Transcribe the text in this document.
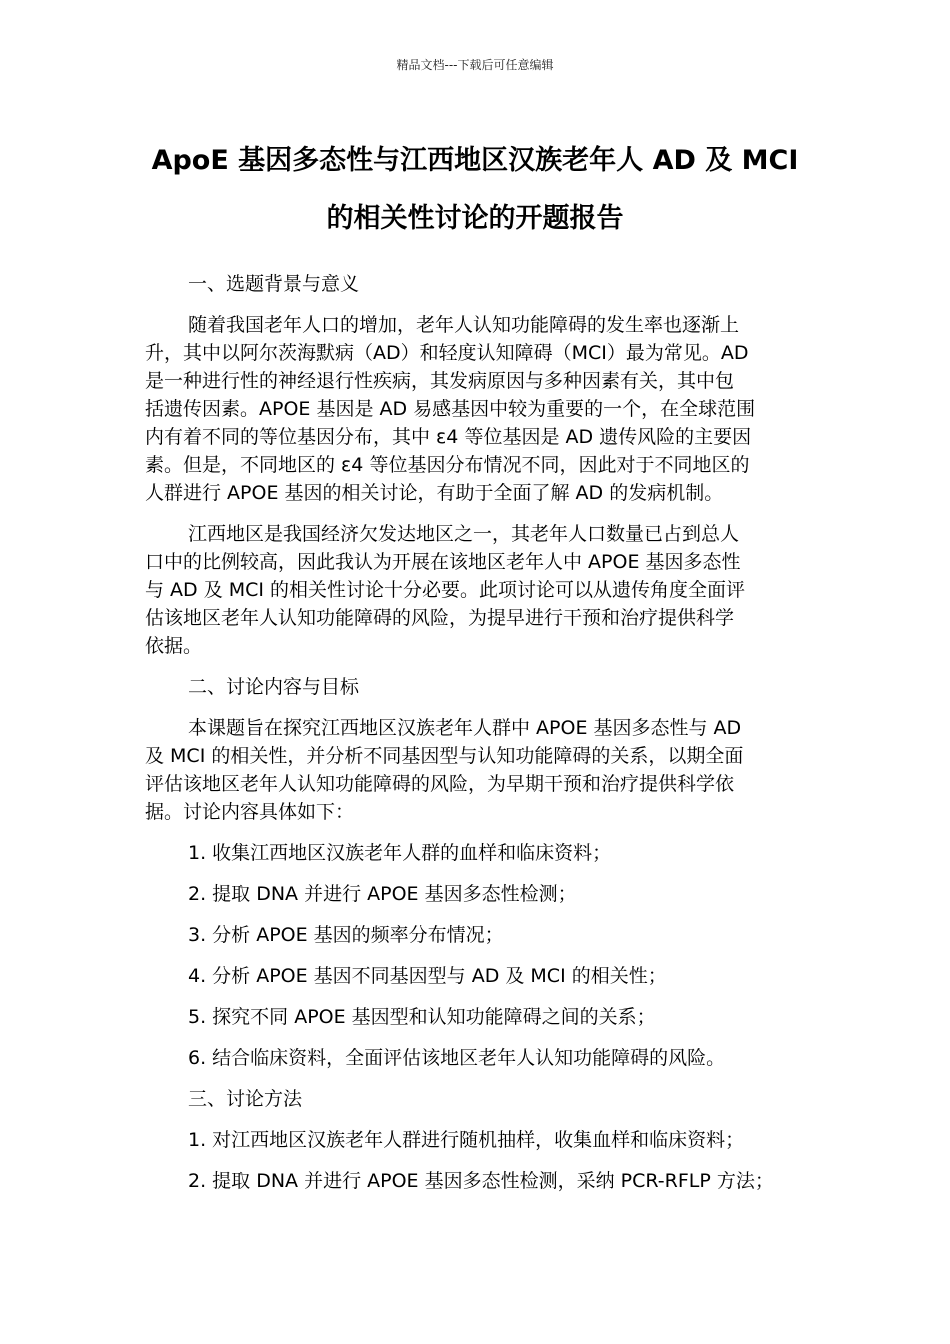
精品文档---下载后可任意编辑
ApoE 基因多态性与江西地区汉族老年人 AD 及 MCI
的相关性讨论的开题报告
一、选题背景与意义
随着我国老年人口的增加，老年人认知功能障碍的发生率也逐渐上
升，其中以阿尔茨海默病（AD）和轻度认知障碍（MCI）最为常见。AD
是一种进行性的神经退行性疾病，其发病原因与多种因素有关，其中包
括遗传因素。APOE 基因是 AD 易感基因中较为重要的一个，在全球范围
内有着不同的等位基因分布，其中 ε4 等位基因是 AD 遗传风险的主要因
素。但是，不同地区的 ε4 等位基因分布情况不同，因此对于不同地区的
人群进行 APOE 基因的相关讨论，有助于全面了解 AD 的发病机制。
江西地区是我国经济欠发达地区之一，其老年人口数量已占到总人
口中的比例较高，因此我认为开展在该地区老年人中 APOE 基因多态性
与 AD 及 MCI 的相关性讨论十分必要。此项讨论可以从遗传角度全面评
估该地区老年人认知功能障碍的风险，为提早进行干预和治疗提供科学
依据。
二、讨论内容与目标
本课题旨在探究江西地区汉族老年人群中 APOE 基因多态性与 AD
及 MCI 的相关性，并分析不同基因型与认知功能障碍的关系，以期全面
评估该地区老年人认知功能障碍的风险，为早期干预和治疗提供科学依
据。讨论内容具体如下：
1. 收集江西地区汉族老年人群的血样和临床资料；
2. 提取 DNA 并进行 APOE 基因多态性检测；
3. 分析 APOE 基因的频率分布情况；
4. 分析 APOE 基因不同基因型与 AD 及 MCI 的相关性；
5. 探究不同 APOE 基因型和认知功能障碍之间的关系；
6. 结合临床资料，全面评估该地区老年人认知功能障碍的风险。
三、讨论方法
1. 对江西地区汉族老年人群进行随机抽样，收集血样和临床资料；
2. 提取 DNA 并进行 APOE 基因多态性检测，采纳 PCR-RFLP 方法；
